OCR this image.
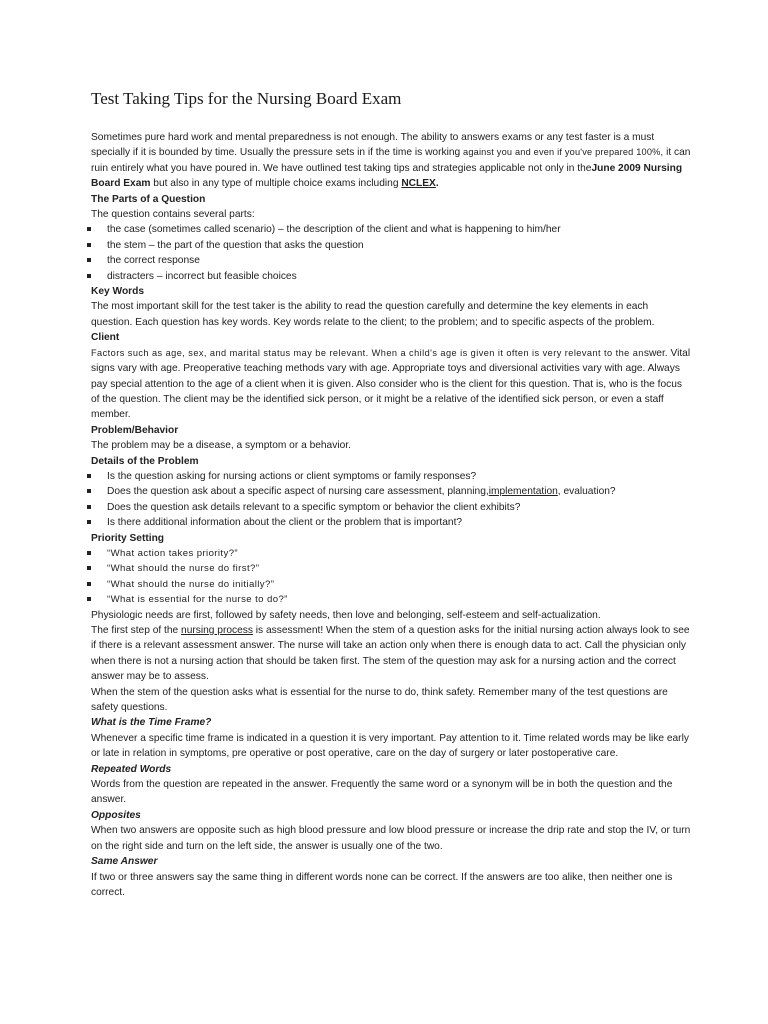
Test Taking Tips for the Nursing Board Exam

Sometimes pure hard work and mental preparedness is not enough. The ability to answers exams or any test faster is a must specially if it is bounded by time. Usually the pressure sets in if the time is working against you and even if you've prepared 100%, it can ruin entirely what you have poured in. We have outlined test taking tips and strategies applicable not only in theJune 2009 Nursing Board Exam but also in any type of multiple choice exams including NCLEX.

The Parts of a Question

The question contains several parts:

the case (sometimes called scenario) – the description of the client and what is happening to him/her
the stem – the part of the question that asks the question
the correct response
distracters – incorrect but feasible choices
Key Words

The most important skill for the test taker is the ability to read the question carefully and determine the key elements in each question. Each question has key words. Key words relate to the client; to the problem; and to specific aspects of the problem.

Client

Factors such as age, sex, and marital status may be relevant. When a child's age is given it often is very relevant to the answer. Vital signs vary with age. Preoperative teaching methods vary with age. Appropriate toys and diversional activities vary with age. Always pay special attention to the age of a client when it is given. Also consider who is the client for this question. That is, who is the focus of the question. The client may be the identified sick person, or it might be a relative of the identified sick person, or even a staff member.

Problem/Behavior

The problem may be a disease, a symptom or a behavior.

Details of the Problem
Is the question asking for nursing actions or client symptoms or family responses?
Does the question ask about a specific aspect of nursing care assessment, planning,implementation, evaluation?
Does the question ask details relevant to a specific symptom or behavior the client exhibits?
Is there additional information about the client or the problem that is important?
Priority Setting
“What action takes priority?”
“What should the nurse do first?”
“What should the nurse do initially?”
“What is essential for the nurse to do?”

Physiologic needs are first, followed by safety needs, then love and belonging, self-esteem and self-actualization.

The first step of the nursing process is assessment! When the stem of a question asks for the initial nursing action always look to see if there is a relevant assessment answer. The nurse will take an action only when there is enough data to act. Call the physician only when there is not a nursing action that should be taken first. The stem of the question may ask for a nursing action and the correct answer may be to assess.

When the stem of the question asks what is essential for the nurse to do, think safety. Remember many of the test questions are safety questions.

What is the Time Frame?

Whenever a specific time frame is indicated in a question it is very important. Pay attention to it. Time related words may be like early or late in relation in symptoms, pre operative or post operative, care on the day of surgery or later postoperative care.

Repeated Words

Words from the question are repeated in the answer. Frequently the same word or a synonym will be in both the question and the answer.

Opposites

When two answers are opposite such as high blood pressure and low blood pressure or increase the drip rate and stop the IV, or turn on the right side and turn on the left side, the answer is usually one of the two.

Same Answer

If two or three answers say the same thing in different words none can be correct. If the answers are too alike, then neither one is correct.
